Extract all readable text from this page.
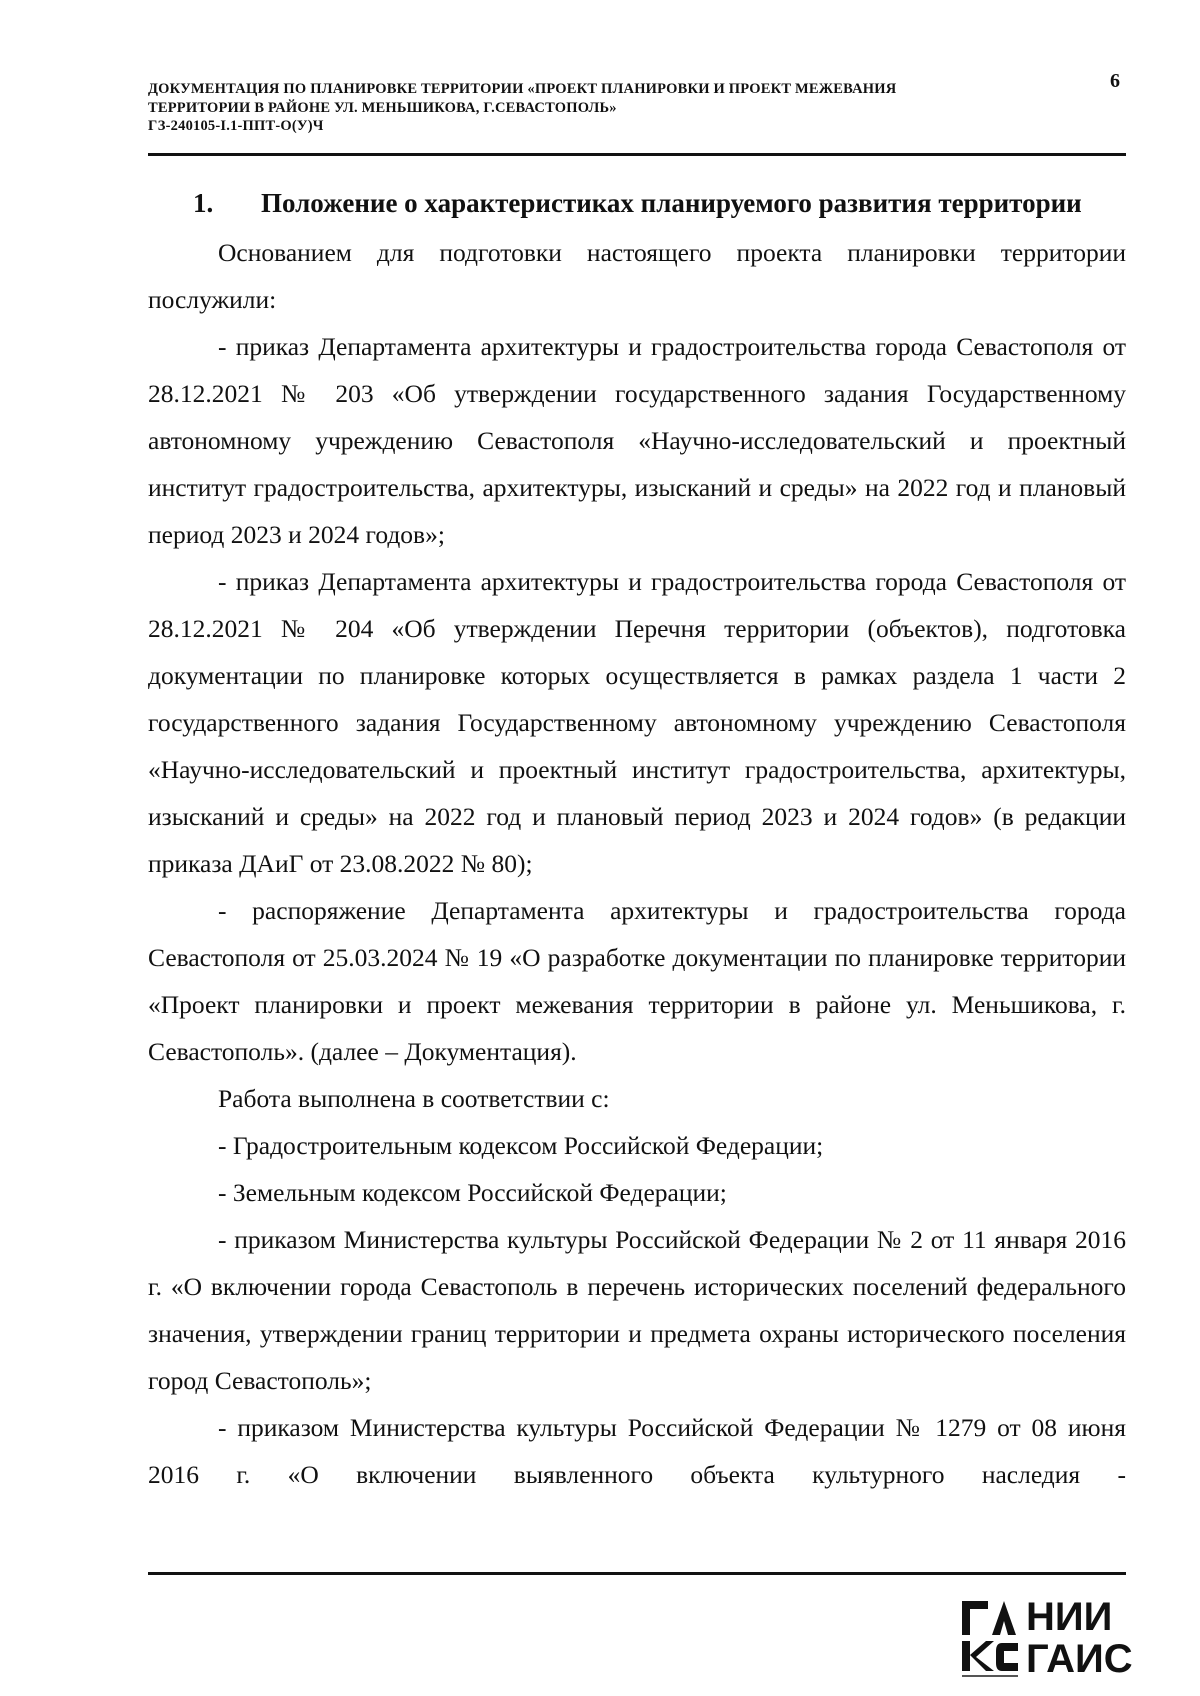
ДОКУМЕНТАЦИЯ ПО ПЛАНИРОВКЕ ТЕРРИТОРИИ «ПРОЕКТ ПЛАНИРОВКИ И ПРОЕКТ МЕЖЕВАНИЯ
ТЕРРИТОРИИ В РАЙОНЕ УЛ. МЕНЬШИКОВА, Г.СЕВАСТОПОЛЬ»
ГЗ-240105-I.1-ППТ-О(У)Ч
6
1. Положение о характеристиках планируемого развития территории

Основанием для подготовки настоящего проекта планировки территории послужили:

- приказ Департамента архитектуры и градостроительства города Севастополя от 28.12.2021 № 203 «Об утверждении государственного задания Государственному автономному учреждению Севастополя «Научно-исследовательский и проектный институт градостроительства, архитектуры, изысканий и среды» на 2022 год и плановый период 2023 и 2024 годов»;

- приказ Департамента архитектуры и градостроительства города Севастополя от 28.12.2021 № 204 «Об утверждении Перечня территории (объектов), подготовка документации по планировке которых осуществляется в рамках раздела 1 части 2 государственного задания Государственному автономному учреждению Севастополя «Научно-исследовательский и проектный институт градостроительства, архитектуры, изысканий и среды» на 2022 год и плановый период 2023 и 2024 годов» (в редакции приказа ДАиГ от 23.08.2022 № 80);

- распоряжение Департамента архитектуры и градостроительства города Севастополя от 25.03.2024 № 19 «О разработке документации по планировке территории «Проект планировки и проект межевания территории в районе ул. Меньшикова, г. Севастополь». (далее – Документация).

Работа выполнена в соответствии с:

- Градостроительным кодексом Российской Федерации;

- Земельным кодексом Российской Федерации;

- приказом Министерства культуры Российской Федерации № 2 от 11 января 2016 г. «О включении города Севастополь в перечень исторических поселений федерального значения, утверждении границ территории и предмета охраны исторического поселения город Севастополь»;

- приказом Министерства культуры Российской Федерации № 1279 от 08 июня 2016 г. «О включении выявленного объекта культурного наследия -

НИИ
ГАИС
